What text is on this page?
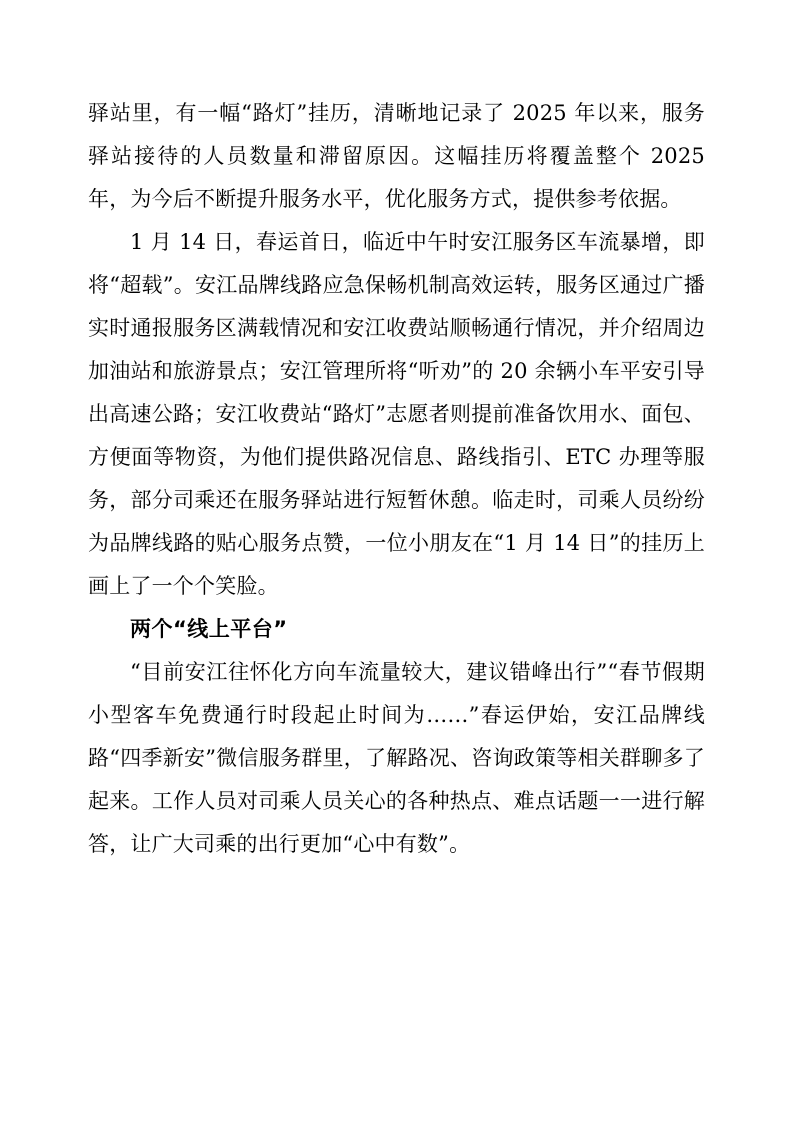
驿站里，有一幅“路灯”挂历，清晰地记录了 2025 年以来，服务驿站接待的人员数量和滞留原因。这幅挂历将覆盖整个 2025 年，为今后不断提升服务水平，优化服务方式，提供参考依据。

1 月 14 日，春运首日，临近中午时安江服务区车流暴增，即将“超载”。安江品牌线路应急保畅机制高效运转，服务区通过广播实时通报服务区满载情况和安江收费站顺畅通行情况，并介绍周边加油站和旅游景点；安江管理所将“听劝”的 20 余辆小车平安引导出高速公路；安江收费站“路灯”志愿者则提前准备饮用水、面包、方便面等物资，为他们提供路况信息、路线指引、ETC 办理等服务，部分司乘还在服务驿站进行短暂休憩。临走时，司乘人员纷纷为品牌线路的贴心服务点赞，一位小朋友在“1 月 14 日”的挂历上画上了一个个笑脸。

两个“线上平台”

“目前安江往怀化方向车流量较大，建议错峰出行”“春节假期小型客车免费通行时段起止时间为……”春运伊始，安江品牌线路“四季新安”微信服务群里，了解路况、咨询政策等相关群聊多了起来。工作人员对司乘人员关心的各种热点、难点话题一一进行解答，让广大司乘的出行更加“心中有数”。
